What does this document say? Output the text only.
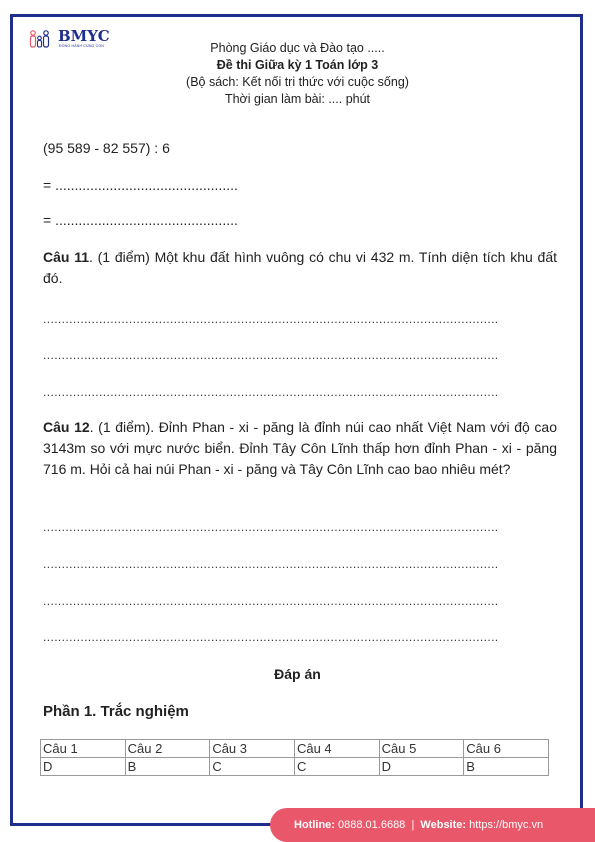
BMYC
ĐỒNG HÀNH CÙNG CON	Phòng Giáo dục và Đào tạo .....
Đề thi Giữa kỳ 1 Toán lớp 3
(Bộ sách: Kết nối tri thức với cuộc sống)
Thời gian làm bài: .... phút
(95 589 - 82 557) : 6
= ...............................................
= ...............................................
Câu 11. (1 điểm) Một khu đất hình vuông có chu vi 432 m. Tính diện tích khu đất đó.
..........................................................................................................................
..........................................................................................................................
..........................................................................................................................
Câu 12. (1 điểm). Đỉnh Phan - xi - păng là đỉnh núi cao nhất Việt Nam với độ cao 3143m so với mực nước biển. Đỉnh Tây Côn Lĩnh thấp hơn đỉnh Phan - xi - păng 716 m. Hỏi cả hai núi Phan - xi - păng và Tây Côn Lĩnh cao bao nhiêu mét?
..........................................................................................................................
..........................................................................................................................
..........................................................................................................................
..........................................................................................................................
Đáp án
Phần 1. Trắc nghiệm
Câu 1	Câu 2	Câu 3	Câu 4	Câu 5	Câu 6
D	B	C	C	D	B
Hotline: 0888.01.6688 | Website: https://bmyc.vn
